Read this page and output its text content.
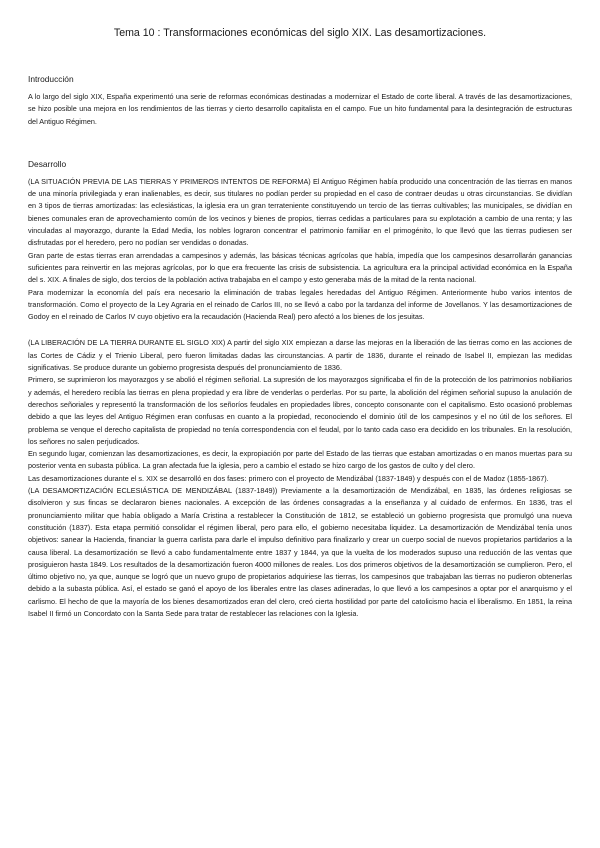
Tema 10 : Transformaciones económicas del siglo XIX. Las desamortizaciones.
Introducción

A lo largo del siglo XIX, España experimentó una serie de reformas económicas destinadas a modernizar el Estado de corte liberal. A través de las desamortizaciones, se hizo posible una mejora en los rendimientos de las tierras y cierto desarrollo capitalista en el campo. Fue un hito fundamental para la desintegración de estructuras del Antiguo Régimen.

Desarrollo

(LA SITUACIÓN PREVIA DE LAS TIERRAS Y PRIMEROS INTENTOS DE REFORMA) El Antiguo Régimen había producido una concentración de las tierras en manos de una minoría privilegiada y eran inalienables, es decir, sus titulares no podían perder su propiedad en el caso de contraer deudas u otras circunstancias. Se dividían en 3 tipos de tierras amortizadas: las eclesiásticas, la iglesia era un gran terrateniente constituyendo un tercio de las tierras cultivables; las municipales, se dividían en bienes comunales eran de aprovechamiento común de los vecinos y bienes de propios, tierras cedidas a particulares para su explotación a cambio de una renta; y las vinculadas al mayorazgo, durante la Edad Media, los nobles lograron concentrar el patrimonio familiar en el primogénito, lo que llevó que las tierras pudiesen ser disfrutadas por el heredero, pero no podían ser vendidas o donadas.

Gran parte de estas tierras eran arrendadas a campesinos y además, las básicas técnicas agrícolas que había, impedía que los campesinos desarrollarán ganancias suficientes para reinvertir en las mejoras agrícolas, por lo que era frecuente las crisis de subsistencia. La agricultura era la principal actividad económica en la España del s. XIX. A finales de siglo, dos tercios de la población activa trabajaba en el campo y esto generaba más de la mitad de la renta nacional.

Para modernizar la economía del país era necesario la eliminación de trabas legales heredadas del Antiguo Régimen. Anteriormente hubo varios intentos de transformación. Como el proyecto de la Ley Agraria en el reinado de Carlos III, no se llevó a cabo por la tardanza del informe de Jovellanos. Y las desamortizaciones de Godoy en el reinado de Carlos IV cuyo objetivo era la recaudación (Hacienda Real) pero afectó a los bienes de los jesuitas.

(LA LIBERACIÓN DE LA TIERRA DURANTE EL SIGLO XIX) A partir del siglo XIX empiezan a darse las mejoras en la liberación de las tierras como en las acciones de las Cortes de Cádiz y el Trienio Liberal, pero fueron limitadas dadas las circunstancias. A partir de 1836, durante el reinado de Isabel II, empiezan las medidas significativas. Se produce durante un gobierno progresista después del pronunciamiento de 1836.

Primero, se suprimieron los mayorazgos y se abolió el régimen señorial. La supresión de los mayorazgos significaba el fin de la protección de los patrimonios nobiliarios y además, el heredero recibía las tierras en plena propiedad y era libre de venderlas o perderlas. Por su parte, la abolición del régimen señorial supuso la anulación de derechos señoriales y representó la transformación de los señoríos feudales en propiedades libres, concepto consonante con el capitalismo. Esto ocasionó problemas debido a que las leyes del Antiguo Régimen eran confusas en cuanto a la propiedad, reconociendo el dominio útil de los campesinos y el no útil de los señores. El problema se venque el derecho capitalista de propiedad no tenía correspondencia con el feudal, por lo tanto cada caso era decidido en los tribunales. En la resolución, los señores no salen perjudicados.

En segundo lugar, comienzan las desamortizaciones, es decir, la expropiación por parte del Estado de las tierras que estaban amortizadas o en manos muertas para su posterior venta en subasta pública. La gran afectada fue la iglesia, pero a cambio el estado se hizo cargo de los gastos de culto y del clero.

Las desamortizaciones durante el s. XIX se desarrolló en dos fases: primero con el proyecto de Mendizábal (1837-1849) y después con el de Madoz (1855-1867).

(LA DESAMORTIZACIÓN ECLESIÁSTICA DE MENDIZÁBAL (1837-1849)) Previamente a la desamortización de Mendizábal, en 1835, las órdenes religiosas se disolvieron y sus fincas se declararon bienes nacionales. A excepción de las órdenes consagradas a la enseñanza y al cuidado de enfermos. En 1836, tras el pronunciamiento militar que había obligado a María Cristina a restablecer la Constitución de 1812, se estableció un gobierno progresista que promulgó una nueva constitución (1837). Esta etapa permitió consolidar el régimen liberal, pero para ello, el gobierno necesitaba liquidez. La desamortización de Mendizábal tenía unos objetivos: sanear la Hacienda, financiar la guerra carlista para darle el impulso definitivo para finalizarlo y crear un cuerpo social de nuevos propietarios partidarios a la causa liberal. La desamortización se llevó a cabo fundamentalmente entre 1837 y 1844, ya que la vuelta de los moderados supuso una reducción de las ventas que prosiguieron hasta 1849. Los resultados de la desamortización fueron 4000 millones de reales. Los dos primeros objetivos de la desamortización se cumplieron. Pero, el último objetivo no, ya que, aunque se logró que un nuevo grupo de propietarios adquiriese las tierras, los campesinos que trabajaban las tierras no pudieron obtenerlas debido a la subasta pública. Así, el estado se ganó el apoyo de los liberales entre las clases adineradas, lo que llevó a los campesinos a optar por el anarquismo y el carlismo. El hecho de que la mayoría de los bienes desamortizados eran del clero, creó cierta hostilidad por parte del catolicismo hacia el liberalismo. En 1851, la reina Isabel II firmó un Concordato con la Santa Sede para tratar de restablecer las relaciones con la Iglesia.
